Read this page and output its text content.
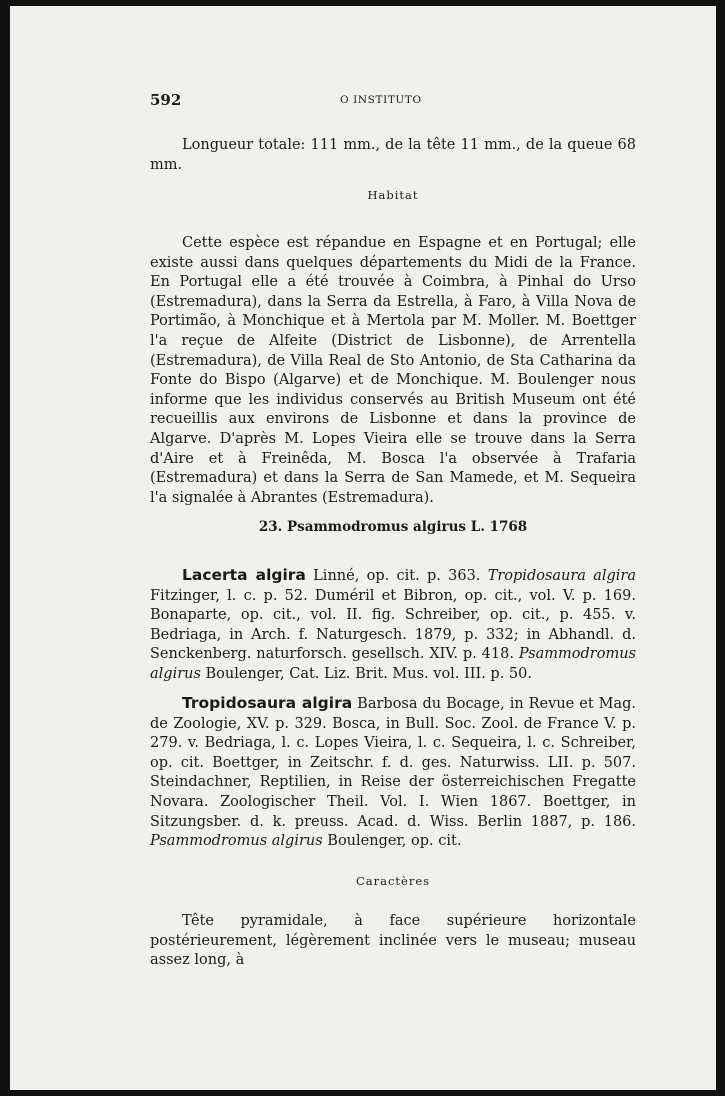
592	O INSTITUTO

Longueur totale: 111 mm., de la tête 11 mm., de la queue 68 mm.

Habitat

Cette espèce est répandue en Espagne et en Portugal; elle existe aussi dans quelques départements du Midi de la France. En Portugal elle a été trouvée à Coimbra, à Pinhal do Urso (Estremadura), dans la Serra da Estrella, à Faro, à Villa Nova de Portimão, à Monchique et à Mertola par M. Moller. M. Boettger l'a reçue de Alfeite (District de Lisbonne), de Arrentella (Estremadura), de Villa Real de Sto Antonio, de Sta Catharina da Fonte do Bispo (Algarve) et de Monchique. M. Boulenger nous informe que les individus conservés au British Museum ont été recueillis aux environs de Lisbonne et dans la province de Algarve. D'après M. Lopes Vieira elle se trouve dans la Serra d'Aire et à Freinêda, M. Bosca l'a observée à Trafaria (Estremadura) et dans la Serra de San Mamede, et M. Sequeira l'a signalée à Abrantes (Estremadura).

23. Psammodromus algirus L. 1768

Lacerta algira Linné, op. cit. p. 363. Tropidosaura algira Fitzinger, l. c. p. 52. Duméril et Bibron, op. cit., vol. V. p. 169. Bonaparte, op. cit., vol. II. fig. Schreiber, op. cit., p. 455. v. Bedriaga, in Arch. f. Naturgesch. 1879, p. 332; in Abhandl. d. Senckenberg. naturforsch. gesellsch. XIV. p. 418. Psammodromus algirus Boulenger, Cat. Liz. Brit. Mus. vol. III. p. 50.

Tropidosaura algira Barbosa du Bocage, in Revue et Mag. de Zoologie, XV. p. 329. Bosca, in Bull. Soc. Zool. de France V. p. 279. v. Bedriaga, l. c. Lopes Vieira, l. c. Sequeira, l. c. Schreiber, op. cit. Boettger, in Zeitschr. f. d. ges. Naturwiss. LII. p. 507. Steindachner, Reptilien, in Reise der österreichischen Fregatte Novara. Zoologischer Theil. Vol. I. Wien 1867. Boettger, in Sitzungsber. d. k. preuss. Acad. d. Wiss. Berlin 1887, p. 186. Psammodromus algirus Boulenger, op. cit.

Caractères

Tête pyramidale, à face supérieure horizontale postérieurement, légèrement inclinée vers le museau; museau assez long, à
